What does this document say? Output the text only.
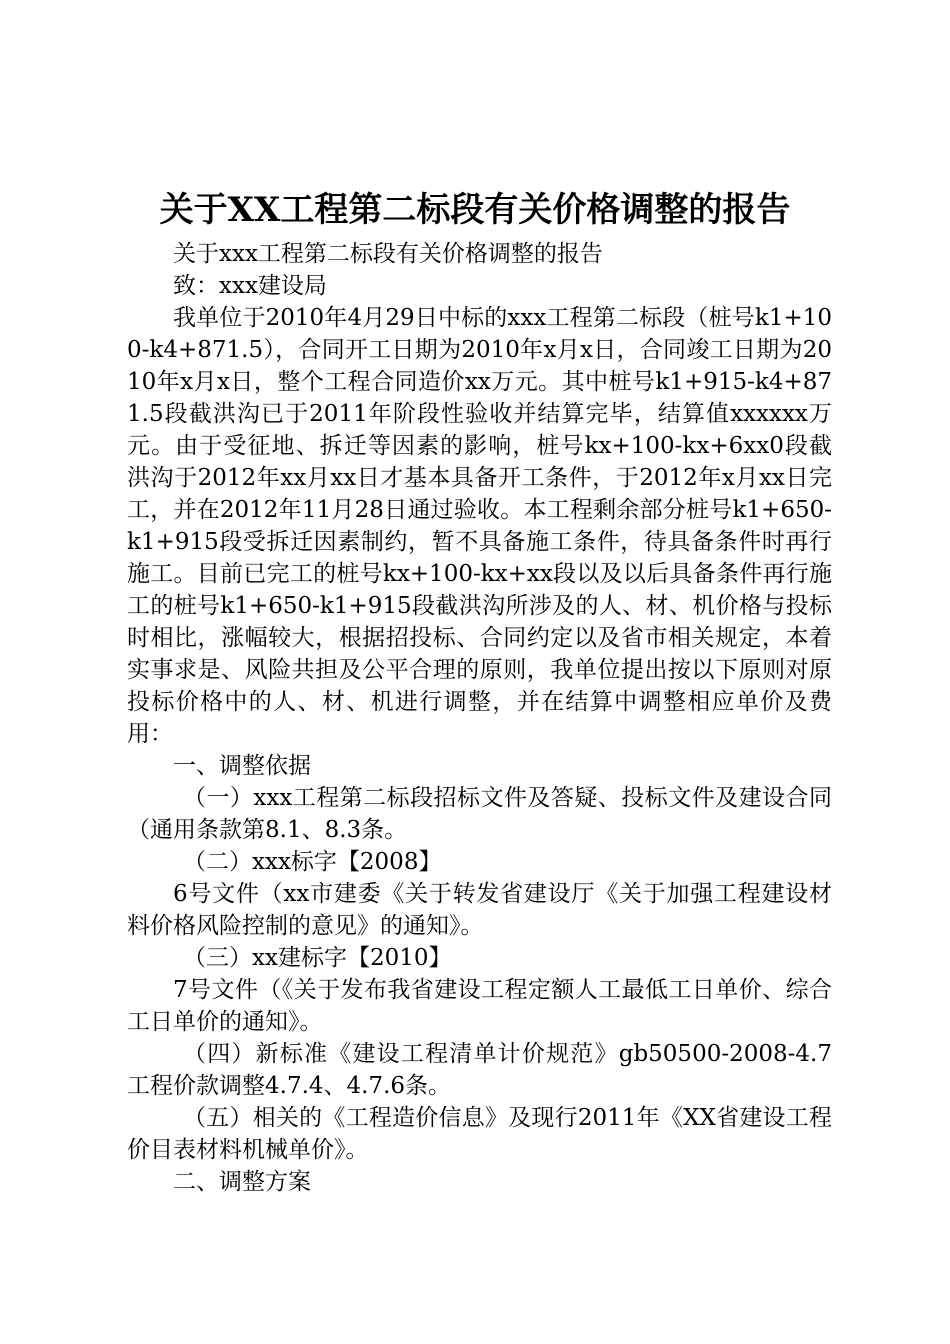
关于XX工程第二标段有关价格调整的报告

关于xxx工程第二标段有关价格调整的报告

致：xxx建设局

我单位于2010年4月29日中标的xxx工程第二标段（桩号k1+100-k4+871.5），合同开工日期为2010年x月x日，合同竣工日期为2010年x月x日，整个工程合同造价xx万元。其中桩号k1+915-k4+871.5段截洪沟已于2011年阶段性验收并结算完毕，结算值xxxxxx万元。由于受征地、拆迁等因素的影响，桩号kx+100-kx+6xx0段截洪沟于2012年xx月xx日才基本具备开工条件，于2012年x月xx日完工，并在2012年11月28日通过验收。本工程剩余部分桩号k1+650-k1+915段受拆迁因素制约，暂不具备施工条件，待具备条件时再行施工。目前已完工的桩号kx+100-kx+xx段以及以后具备条件再行施工的桩号k1+650-k1+915段截洪沟所涉及的人、材、机价格与投标时相比，涨幅较大，根据招投标、合同约定以及省市相关规定，本着实事求是、风险共担及公平合理的原则，我单位提出按以下原则对原投标价格中的人、材、机进行调整，并在结算中调整相应单价及费用：

一、调整依据

（一）xxx工程第二标段招标文件及答疑、投标文件及建设合同（通用条款第8.1、8.3条。

（二）xxx标字【2008】

6号文件（xx市建委《关于转发省建设厅《关于加强工程建设材料价格风险控制的意见》的通知》。

（三）xx建标字【2010】

7号文件（《关于发布我省建设工程定额人工最低工日单价、综合工日单价的通知》。

（四）新标准《建设工程清单计价规范》gb50500-2008-4.7工程价款调整4.7.4、4.7.6条。

（五）相关的《工程造价信息》及现行2011年《XX省建设工程价目表材料机械单价》。

二、调整方案
